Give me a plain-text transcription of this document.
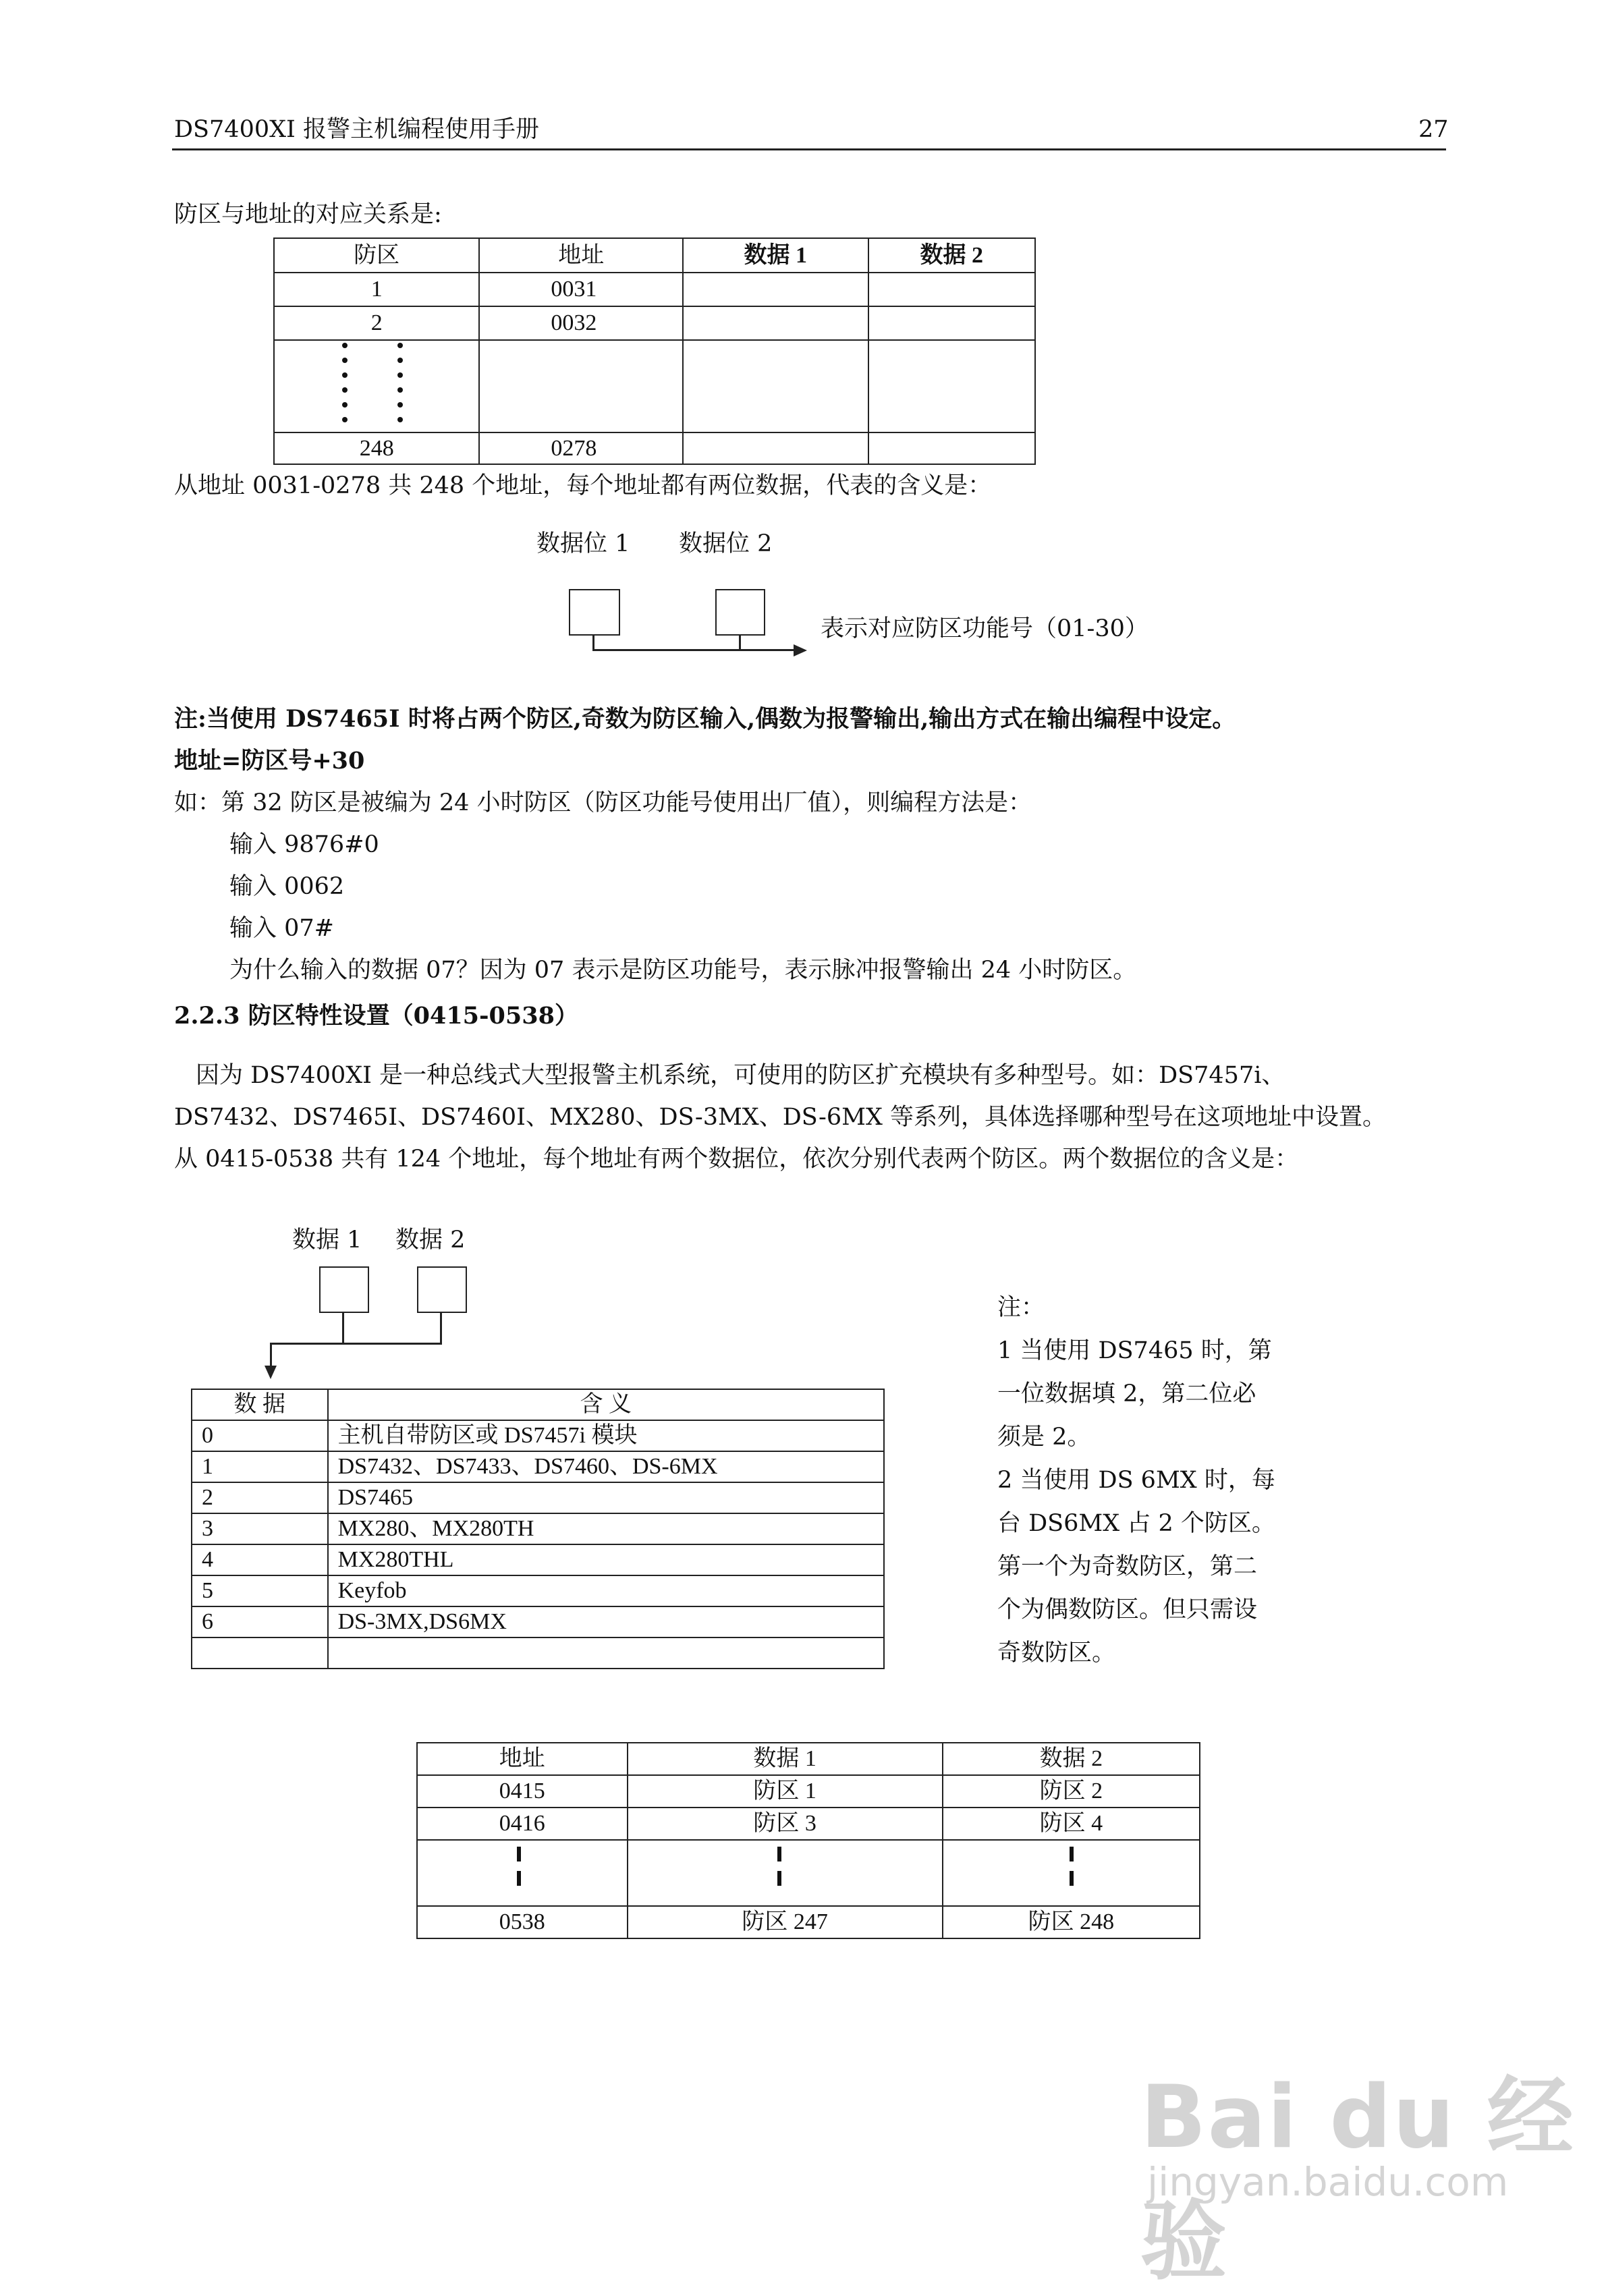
DS7400XI 报警主机编程使用手册	27
防区与地址的对应关系是:
防区	地址	数据 1	数据 2
1	0031		
2	0032		

248	0278		
从地址 0031-0278 共 248 个地址，每个地址都有两位数据，代表的含义是：
数据位 1 数据位 2
表示对应防区功能号（01-30）
注:当使用 DS7465I 时将占两个防区,奇数为防区输入,偶数为报警输出,输出方式在输出编程中设定。
地址=防区号+30
如：第 32 防区是被编为 24 小时防区（防区功能号使用出厂值），则编程方法是：
输入 9876#0
输入 0062
输入 07#
为什么输入的数据 07？因为 07 表示是防区功能号，表示脉冲报警输出 24 小时防区。
2.2.3 防区特性设置（0415-0538）
因为 DS7400XI 是一种总线式大型报警主机系统，可使用的防区扩充模块有多种型号。如：DS7457i、
DS7432、DS7465I、DS7460I、MX280、DS-3MX、DS-6MX 等系列，具体选择哪种型号在这项地址中设置。
从 0415-0538 共有 124 个地址，每个地址有两个数据位，依次分别代表两个防区。两个数据位的含义是：
数据 1 数据 2
数 据	含 义
0	主机自带防区或 DS7457i 模块
1	DS7432、DS7433、DS7460、DS-6MX
2	DS7465
3	MX280、MX280TH
4	MX280THL
5	Keyfob
6	DS-3MX,DS6MX

注：
1 当使用 DS7465 时，第
一位数据填 2，第二位必
须是 2。
2 当使用 DS 6MX 时，每
台 DS6MX 占 2 个防区。
第一个为奇数防区，第二
个为偶数防区。但只需设
奇数防区。
地址	数据 1	数据 2
0415	防区 1	防区 2
0416	防区 3	防区 4

0538	防区 247	防区 248
Bai du 经验
jingyan.baidu.com
